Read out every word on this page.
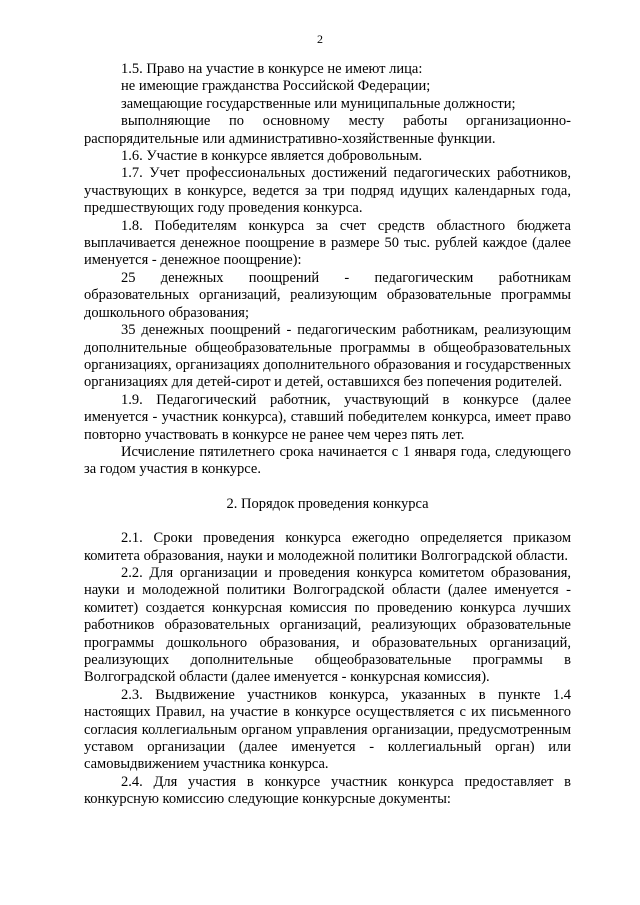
2

1.5. Право на участие в конкурсе не имеют лица:

не имеющие гражданства Российской Федерации;

замещающие государственные или муниципальные должности;

выполняющие по основному месту работы организационно-распорядительные или административно-хозяйственные функции.

1.6. Участие в конкурсе является добровольным.

1.7. Учет профессиональных достижений педагогических работников, участвующих в конкурсе, ведется за три подряд идущих календарных года, предшествующих году проведения конкурса.

1.8. Победителям конкурса за счет средств областного бюджета выплачивается денежное поощрение в размере 50 тыс. рублей каждое (далее именуется - денежное поощрение):

25 денежных поощрений - педагогическим работникам образовательных организаций, реализующим образовательные программы дошкольного образования;

35 денежных поощрений - педагогическим работникам, реализующим дополнительные общеобразовательные программы в общеобразовательных организациях, организациях дополнительного образования и государственных организациях для детей-сирот и детей, оставшихся без попечения родителей.

1.9. Педагогический работник, участвующий в конкурсе (далее именуется - участник конкурса), ставший победителем конкурса, имеет право повторно участвовать в конкурсе не ранее чем через пять лет.

Исчисление пятилетнего срока начинается с 1 января года, следующего за годом участия в конкурсе.

2. Порядок проведения конкурса

2.1. Сроки проведения конкурса ежегодно определяется приказом комитета образования, науки и молодежной политики Волгоградской области.

2.2. Для организации и проведения конкурса комитетом образования, науки и молодежной политики Волгоградской области (далее именуется - комитет) создается конкурсная комиссия по проведению конкурса лучших работников образовательных организаций, реализующих образовательные программы дошкольного образования, и образовательных организаций, реализующих дополнительные общеобразовательные программы в Волгоградской области (далее именуется - конкурсная комиссия).

2.3. Выдвижение участников конкурса, указанных в пункте 1.4 настоящих Правил, на участие в конкурсе осуществляется с их письменного согласия коллегиальным органом управления организации, предусмотренным уставом организации (далее именуется - коллегиальный орган) или самовыдвижением участника конкурса.

2.4. Для участия в конкурсе участник конкурса предоставляет в конкурсную комиссию следующие конкурсные документы:
